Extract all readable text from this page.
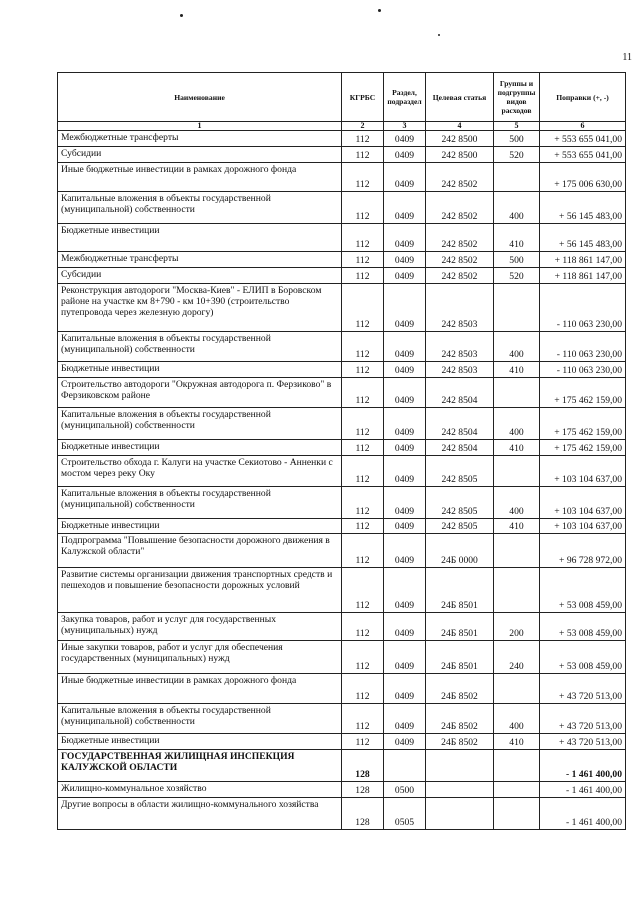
11
Наименование	КГРБС	Раздел, подраздел	Целевая статья	Группы и подгруппы видов расходов	Поправки (+, -)
1	2	3	4	5	6
Межбюджетные трансферты	112	0409	242 8500	500	+ 553 655 041,00
Субсидии	112	0409	242 8500	520	+ 553 655 041,00
Иные бюджетные инвестиции в рамках дорожного фонда	112	0409	242 8502		+ 175 006 630,00
Капитальные вложения в объекты государственной (муниципальной) собственности	112	0409	242 8502	400	+ 56 145 483,00
Бюджетные инвестиции	112	0409	242 8502	410	+ 56 145 483,00
Межбюджетные трансферты	112	0409	242 8502	500	+ 118 861 147,00
Субсидии	112	0409	242 8502	520	+ 118 861 147,00
Реконструкция автодороги "Москва-Киев" - ЕЛИП в Боровском районе на участке км 8+790 - км 10+390 (строительство путепровода через железную дорогу)	112	0409	242 8503		- 110 063 230,00
Капитальные вложения в объекты государственной (муниципальной) собственности	112	0409	242 8503	400	- 110 063 230,00
Бюджетные инвестиции	112	0409	242 8503	410	- 110 063 230,00
Строительство автодороги "Окружная автодорога п. Ферзиково" в Ферзиковском районе	112	0409	242 8504		+ 175 462 159,00
Капитальные вложения в объекты государственной (муниципальной) собственности	112	0409	242 8504	400	+ 175 462 159,00
Бюджетные инвестиции	112	0409	242 8504	410	+ 175 462 159,00
Строительство обхода г. Калуги на участке Секиотово - Анненки с мостом через реку Оку	112	0409	242 8505		+ 103 104 637,00
Капитальные вложения в объекты государственной (муниципальной) собственности	112	0409	242 8505	400	+ 103 104 637,00
Бюджетные инвестиции	112	0409	242 8505	410	+ 103 104 637,00
Подпрограмма "Повышение безопасности дорожного движения в Калужской области"	112	0409	24Б 0000		+ 96 728 972,00
Развитие системы организации движения транспортных средств и пешеходов и повышение безопасности дорожных условий	112	0409	24Б 8501		+ 53 008 459,00
Закупка товаров, работ и услуг для государственных (муниципальных) нужд	112	0409	24Б 8501	200	+ 53 008 459,00
Иные закупки товаров, работ и услуг для обеспечения государственных (муниципальных) нужд	112	0409	24Б 8501	240	+ 53 008 459,00
Иные бюджетные инвестиции в рамках дорожного фонда	112	0409	24Б 8502		+ 43 720 513,00
Капитальные вложения в объекты государственной (муниципальной) собственности	112	0409	24Б 8502	400	+ 43 720 513,00
Бюджетные инвестиции	112	0409	24Б 8502	410	+ 43 720 513,00
ГОСУДАРСТВЕННАЯ ЖИЛИЩНАЯ ИНСПЕКЦИЯ КАЛУЖСКОЙ ОБЛАСТИ	128				- 1 461 400,00
Жилищно-коммунальное хозяйство	128	0500			- 1 461 400,00
Другие вопросы в области жилищно-коммунального хозяйства	128	0505			- 1 461 400,00
